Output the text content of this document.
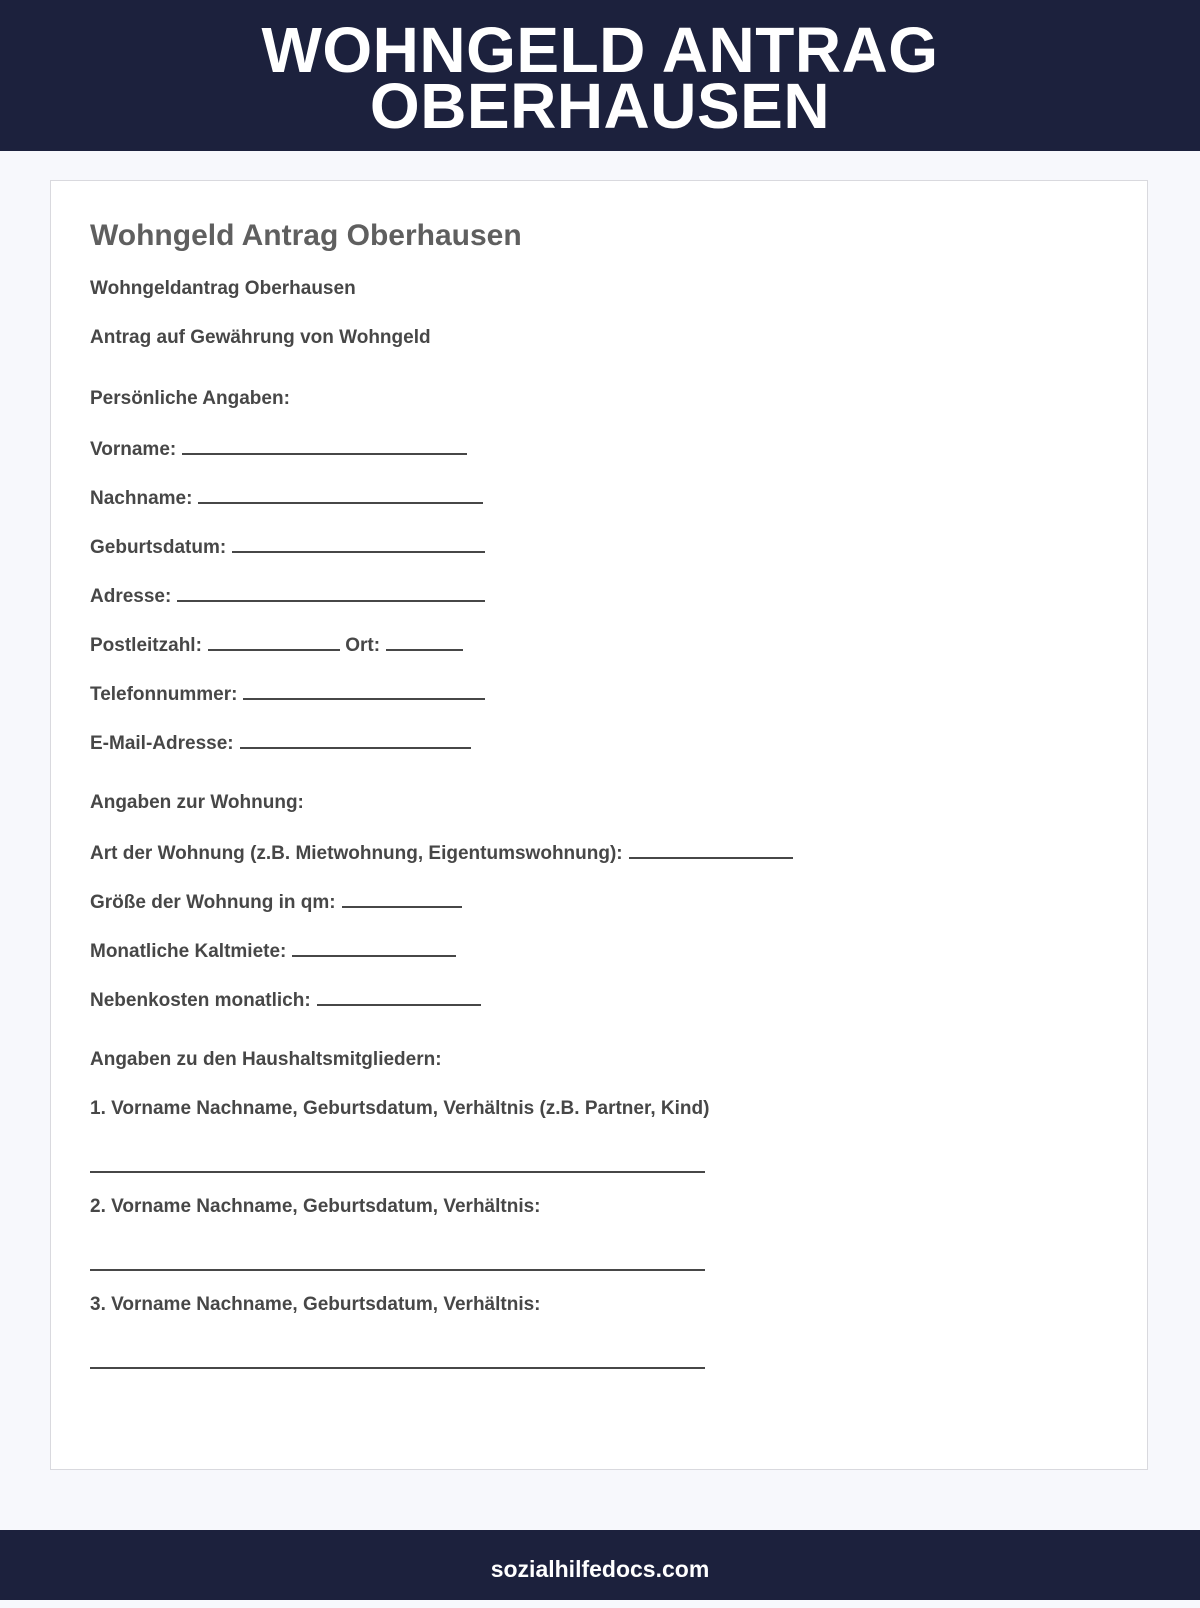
WOHNGELD ANTRAG
OBERHAUSEN
Wohngeld Antrag Oberhausen

Wohngeldantrag Oberhausen

Antrag auf Gewährung von Wohngeld

Persönliche Angaben:

Vorname:

Nachname:

Geburtsdatum:

Adresse:

Postleitzahl:	Ort:

Telefonnummer:

E-Mail-Adresse:

Angaben zur Wohnung:

Art der Wohnung (z.B. Mietwohnung, Eigentumswohnung):

Größe der Wohnung in qm:

Monatliche Kaltmiete:

Nebenkosten monatlich:

Angaben zu den Haushaltsmitgliedern:

1. Vorname Nachname, Geburtsdatum, Verhältnis (z.B. Partner, Kind)

2. Vorname Nachname, Geburtsdatum, Verhältnis:

3. Vorname Nachname, Geburtsdatum, Verhältnis:

sozialhilfedocs.com
